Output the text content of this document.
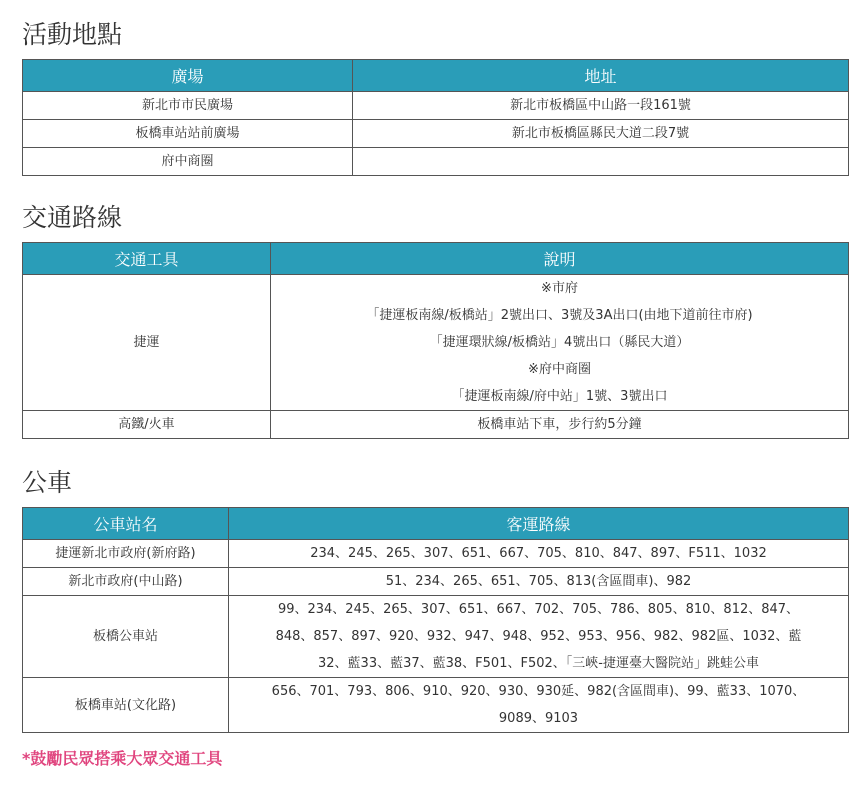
活動地點
廣場	地址
新北市市民廣場	新北市板橋區中山路一段161號
板橋車站站前廣場	新北市板橋區縣民大道二段7號
府中商圈	
交通路線
交通工具	說明
捷運	※市府
「捷運板南線/板橋站」2號出口、3號及3A出口(由地下道前往市府)
「捷運環狀線/板橋站」4號出口（縣民大道）
※府中商圈
「捷運板南線/府中站」1號、3號出口

高鐵/火車	板橋車站下車，步行約5分鐘
公車
公車站名	客運路線
捷運新北市政府(新府路)	234、245、265、307、651、667、705、810、847、897、F511、1032

新北市政府(中山路)	51、234、265、651、705、813(含區間車)、982

板橋公車站	99、234、245、265、307、651、667、702、705、786、805、810、812、847、
848、857、897、920、932、947、948、952、953、956、982、982區、1032、藍
32、藍33、藍37、藍38、F501、F502、「三峽-捷運臺大醫院站」跳蛙公車

板橋車站(文化路)	656、701、793、806、910、920、930、930延、982(含區間車)、99、藍33、1070、
9089、9103
*鼓勵民眾搭乘大眾交通工具
